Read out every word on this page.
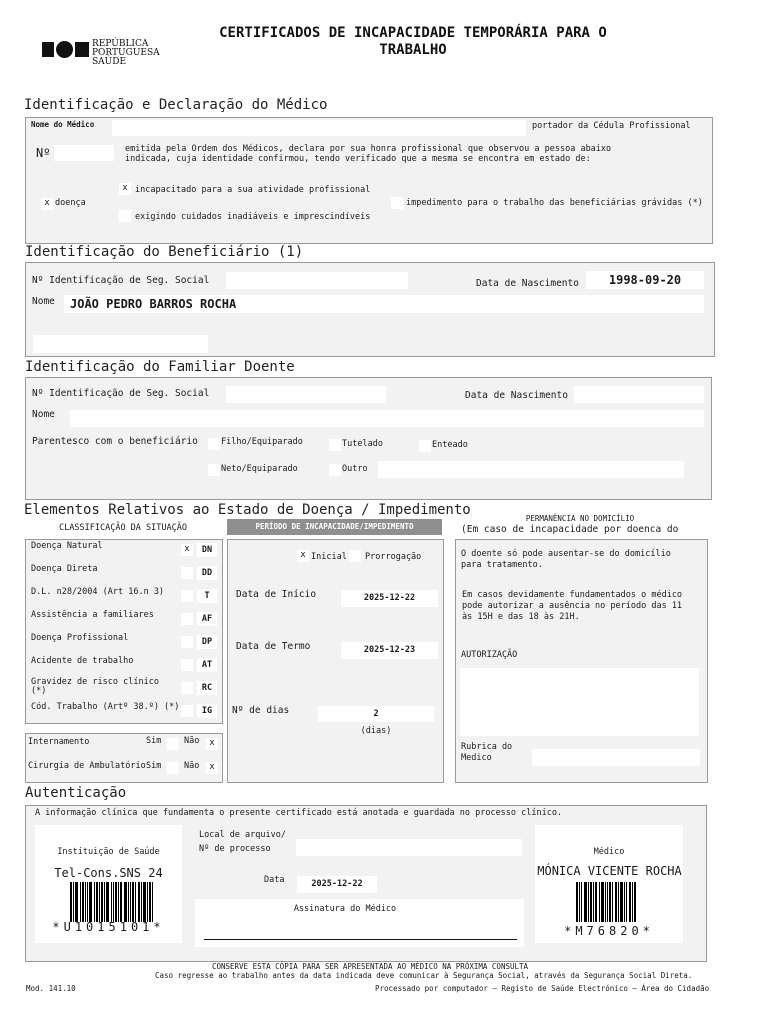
REPÚBLICA
PORTUGUESA
SAÚDE
CERTIFICADOS DE INCAPACIDADE TEMPORÁRIA PARA O
TRABALHO
Identificação e Declaração do Médico
Nome do Médico	portador da Cédula Profissional
Nº	emitida pela Ordem dos Médicos, declara por sua honra profissional que observou a pessoa abaixo indicada, cuja identidade confirmou, tendo verificado que a mesma se encontra em estado de:
x doença
x incapacitado para a sua atividade profissional
exigindo cuidados inadiáveis e imprescindíveis
impedimento para o trabalho das beneficiárias grávidas (*)
Identificação do Beneficiário (1)
Nº Identificação de Seg. Social	Data de Nascimento	1998-09-20
Nome	JOÃO PEDRO BARROS ROCHA
Identificação do Familiar Doente
Nº Identificação de Seg. Social	Data de Nascimento
Nome
Parentesco com o beneficiário	Filho/Equiparado	Tutelado	Enteado
Neto/Equiparado	Outro
Elementos Relativos ao Estado de Doença / Impedimento
CLASSIFICAÇÃO DA SITUAÇÃO
Doença Natural	x	DN
Doença Direta	DD
D.L. n28/2004 (Art 16.n 3)	T
Assistência a familiares	AF
Doença Profissional	DP
Acidente de trabalho	AT
Gravidez de risco clínico (*)	RC
Cód. Trabalho (Artº 38.º) (*)	IG
Internamento	Sim	Não	x
Cirurgia de Ambulatório Sim	Não	x
PERÍODO DE INCAPACIDADE/IMPEDIMENTO
x Inicial Prorrogação
Data de Início	2025-12-22
Data de Termo	2025-12-23
Nº de dias	2
(dias)
PERMANÊNCIA NO DOMICÍLIO
(Em caso de incapacidade por doenca do
O doente só pode ausentar-se do domicílio para tratamento.
Em casos devidamente fundamentados o médico pode autorizar a ausência no período das 11 às 15H e das 18 às 21H.
AUTORIZAÇÃO
Rubrica do Medico
Autenticação
A informação clínica que fundamenta o presente certificado está anotada e guardada no processo clínico.
Instituição de Saúde
Tel-Cons.SNS 24
*U1015101*
Local de arquivo/
Nº de processo
Data	2025-12-22
Assinatura do Médico
Médico
MÓNICA VICENTE ROCHA
*M76820*
CONSERVE ESTA CÓPIA PARA SER APRESENTADA AO MÉDICO NA PRÓXIMA CONSULTA
Caso regresse ao trabalho antes da data indicada deve comunicar à Segurança Social, através da Segurança Social Direta.
Mod. 141.10	Processado por computador – Registo de Saúde Electrónico – Área do Cidadão
